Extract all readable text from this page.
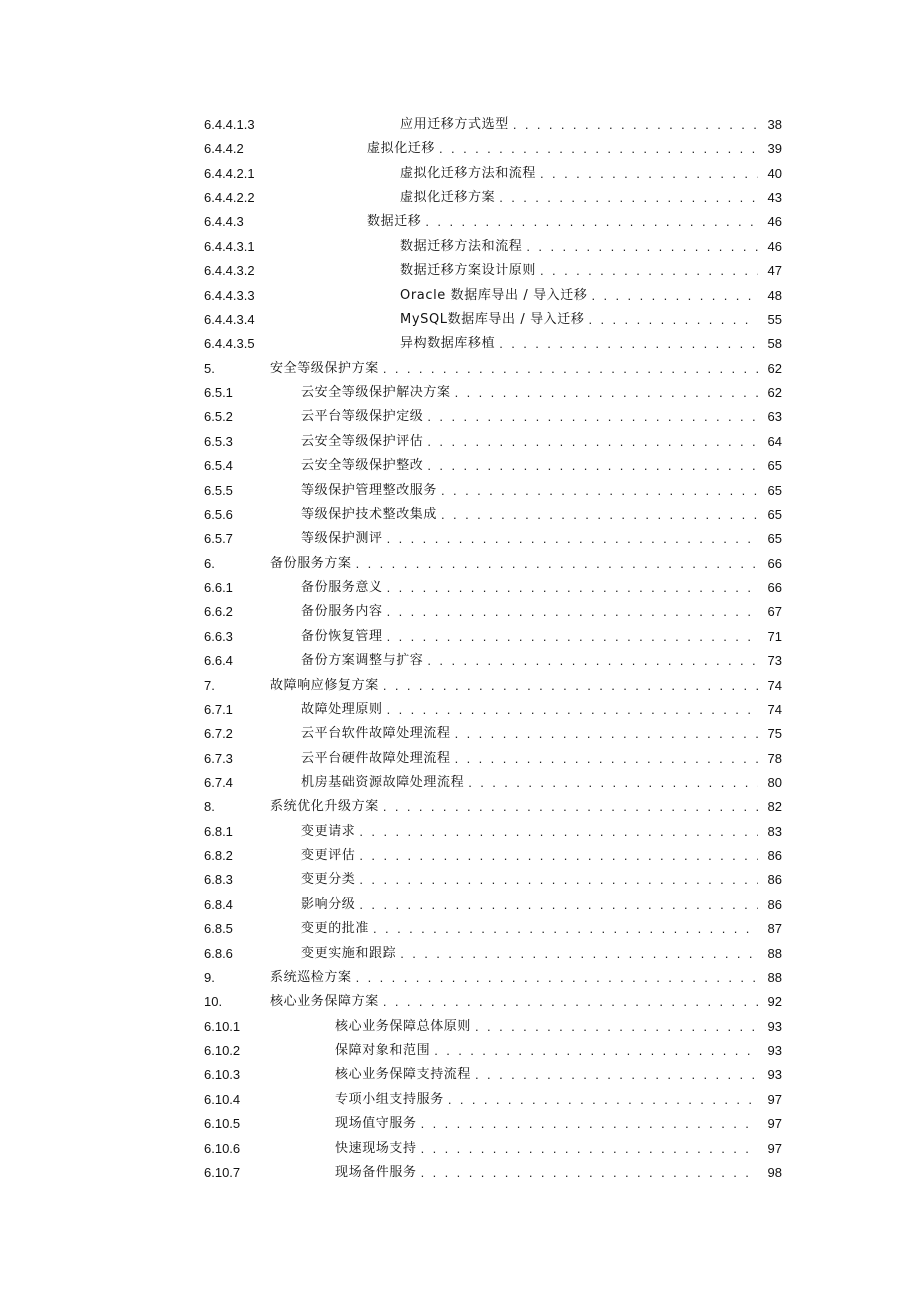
6.4.4.1.3	应用迁移方式选型 . . .	38
6.4.4.2	虚拟化迁移 . . .	39
6.4.4.2.1	虚拟化迁移方法和流程 . . .	40
6.4.4.2.2	虚拟化迁移方案 . . .	43
6.4.4.3	数据迁移 . . .	46
6.4.4.3.1	数据迁移方法和流程 . . .	46
6.4.4.3.2	数据迁移方案设计原则 . . .	47
6.4.4.3.3	Oracle 数据库导出 / 导入迁移 . . .	48
6.4.4.3.4	MySQL数据库导出 / 导入迁移 . . .	55
6.4.4.3.5	异构数据库移植 . . .	58
5.	安全等级保护方案 . . .	62
6.5.1	云安全等级保护解决方案 . . .	62
6.5.2	云平台等级保护定级 . . .	63
6.5.3	云安全等级保护评估 . . .	64
6.5.4	云安全等级保护整改 . . .	65
6.5.5	等级保护管理整改服务 . . .	65
6.5.6	等级保护技术整改集成 . . .	65
6.5.7	等级保护测评 . . .	65
6.	备份服务方案 . . .	66
6.6.1	备份服务意义 . . .	66
6.6.2	备份服务内容 . . .	67
6.6.3	备份恢复管理 . . .	71
6.6.4	备份方案调整与扩容 . . .	73
7.	故障响应修复方案 . . .	74
6.7.1	故障处理原则 . . .	74
6.7.2	云平台软件故障处理流程 . . .	75
6.7.3	云平台硬件故障处理流程 . . .	78
6.7.4	机房基础资源故障处理流程 . . .	80
8.	系统优化升级方案 . . .	82
6.8.1	变更请求 . . .	83
6.8.2	变更评估 . . .	86
6.8.3	变更分类 . . .	86
6.8.4	影响分级 . . .	86
6.8.5	变更的批准 . . .	87
6.8.6	变更实施和跟踪 . . .	88
9.	系统巡检方案 . . .	88
10.	核心业务保障方案 . . .	92
6.10.1	核心业务保障总体原则 . . .	93
6.10.2	保障对象和范围 . . .	93
6.10.3	核心业务保障支持流程 . . .	93
6.10.4	专项小组支持服务 . . .	97
6.10.5	现场值守服务 . . .	97
6.10.6	快速现场支持 . . .	97
6.10.7	现场备件服务 . . .	98
